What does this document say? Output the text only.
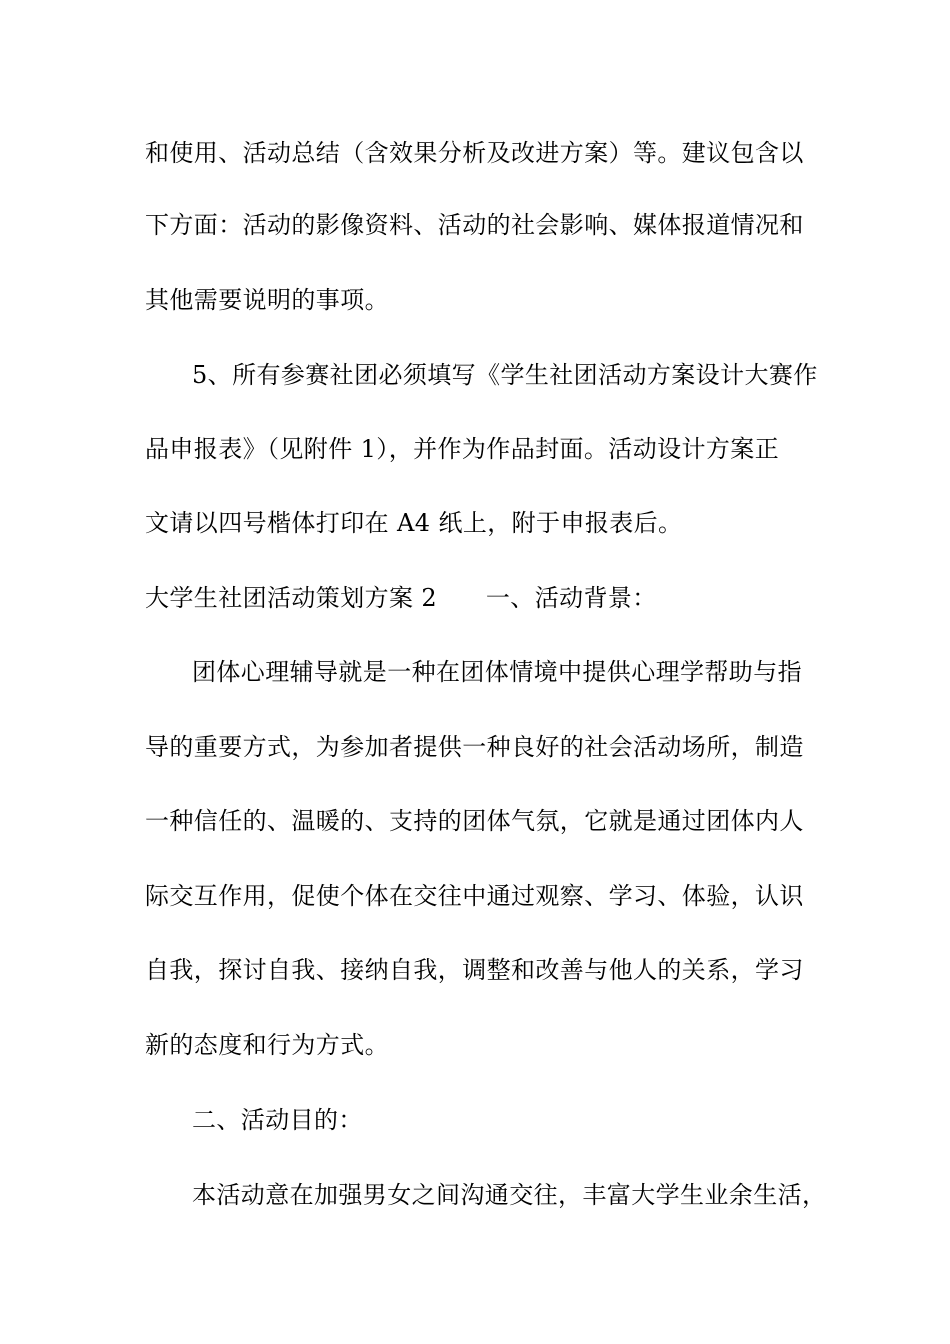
和使用、活动总结（含效果分析及改进方案）等。建议包含以
下方面：活动的影像资料、活动的社会影响、媒体报道情况和
其他需要说明的事项。
5、所有参赛社团必须填写《学生社团活动方案设计大赛作
品申报表》（见附件 1），并作为作品封面。活动设计方案正
文请以四号楷体打印在 A4 纸上，附于申报表后。
大学生社团活动策划方案 2　　一、活动背景：
团体心理辅导就是一种在团体情境中提供心理学帮助与指
导的重要方式，为参加者提供一种良好的社会活动场所，制造
一种信任的、温暖的、支持的团体气氛，它就是通过团体内人
际交互作用，促使个体在交往中通过观察、学习、体验，认识
自我，探讨自我、接纳自我，调整和改善与他人的关系，学习
新的态度和行为方式。
二、活动目的：
本活动意在加强男女之间沟通交往，丰富大学生业余生活，
